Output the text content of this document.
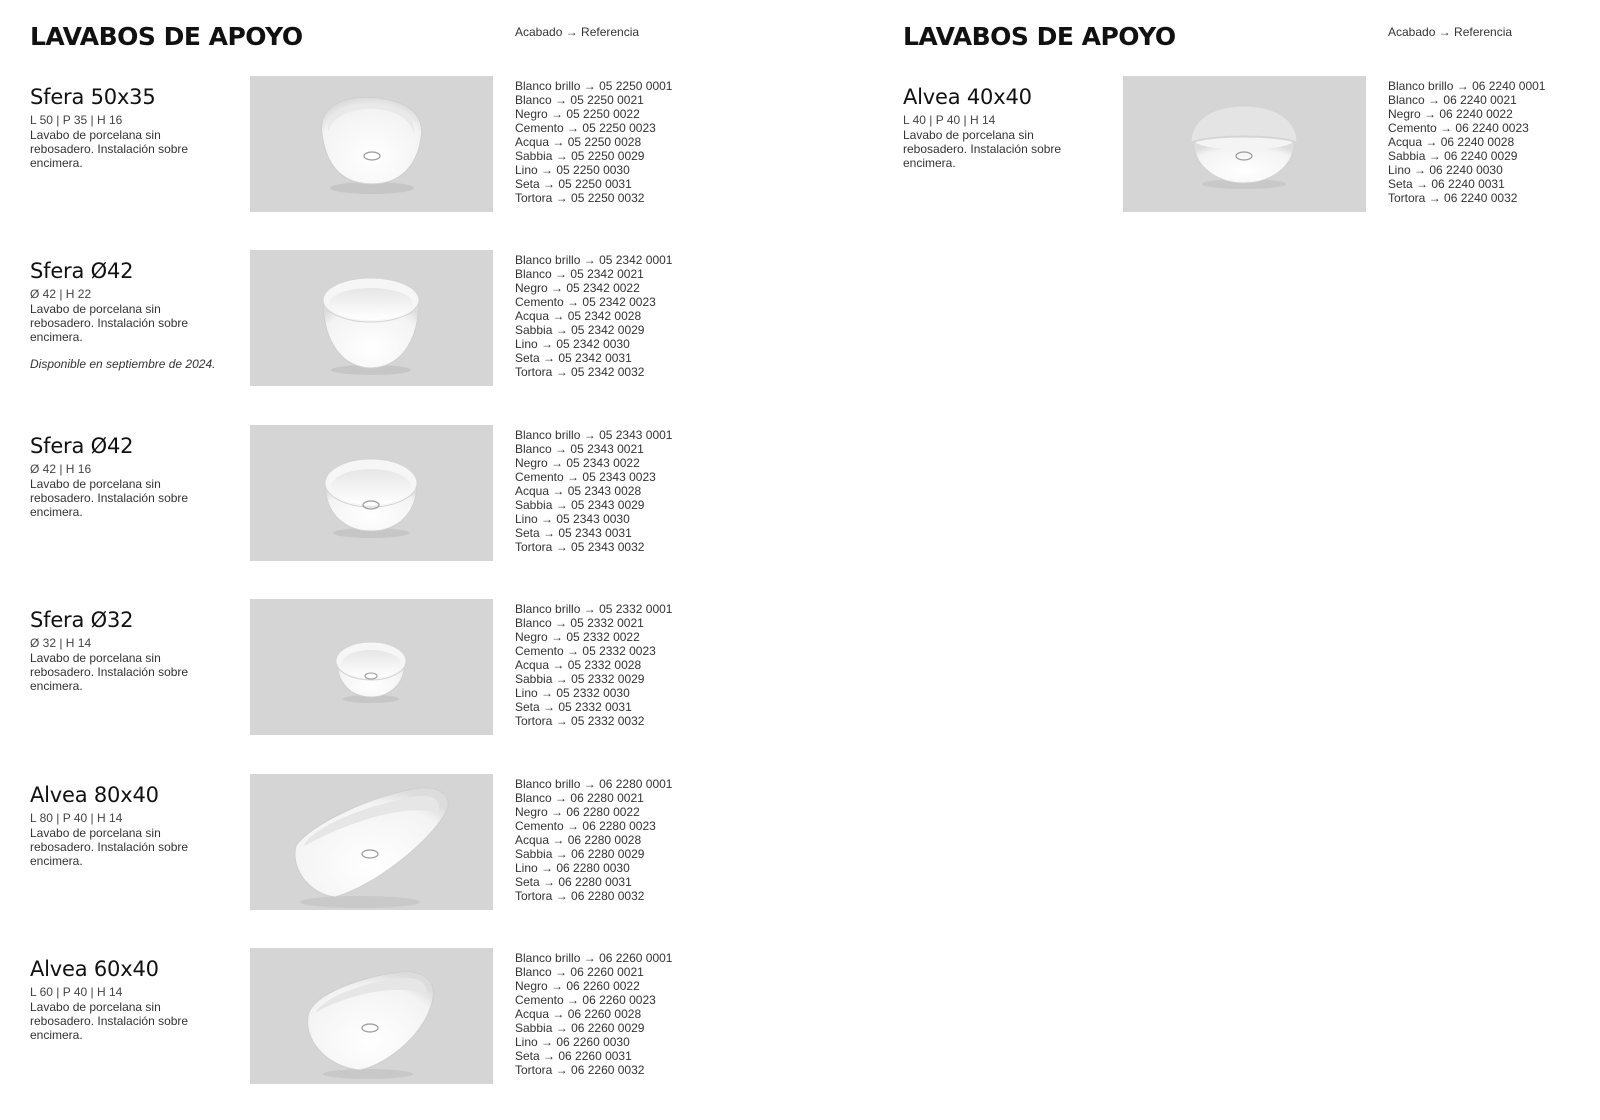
LAVABOS DE APOYO	Acabado → Referencia
Sfera 50x35
L 50 | P 35 | H 16

Lavabo de porcelana sin rebosadero. Instalación sobre encimera.

Blanco brillo → 05 2250 0001
Blanco → 05 2250 0021
Negro → 05 2250 0022
Cemento → 05 2250 0023
Acqua → 05 2250 0028
Sabbia → 05 2250 0029
Lino → 05 2250 0030
Seta → 05 2250 0031
Tortora → 05 2250 0032
Sfera Ø42
Ø 42 | H 22

Lavabo de porcelana sin rebosadero. Instalación sobre encimera.

Disponible en septiembre de 2024.
Blanco brillo → 05 2342 0001
Blanco → 05 2342 0021
Negro → 05 2342 0022
Cemento → 05 2342 0023
Acqua → 05 2342 0028
Sabbia → 05 2342 0029
Lino → 05 2342 0030
Seta → 05 2342 0031
Tortora → 05 2342 0032
Sfera Ø42
Ø 42 | H 16

Lavabo de porcelana sin rebosadero. Instalación sobre encimera.

Blanco brillo → 05 2343 0001
Blanco → 05 2343 0021
Negro → 05 2343 0022
Cemento → 05 2343 0023
Acqua → 05 2343 0028
Sabbia → 05 2343 0029
Lino → 05 2343 0030
Seta → 05 2343 0031
Tortora → 05 2343 0032
Sfera Ø32
Ø 32 | H 14

Lavabo de porcelana sin rebosadero. Instalación sobre encimera.

Blanco brillo → 05 2332 0001
Blanco → 05 2332 0021
Negro → 05 2332 0022
Cemento → 05 2332 0023
Acqua → 05 2332 0028
Sabbia → 05 2332 0029
Lino → 05 2332 0030
Seta → 05 2332 0031
Tortora → 05 2332 0032
Alvea 80x40
L 80 | P 40 | H 14

Lavabo de porcelana sin rebosadero. Instalación sobre encimera.

Blanco brillo → 06 2280 0001
Blanco → 06 2280 0021
Negro → 06 2280 0022
Cemento → 06 2280 0023
Acqua → 06 2280 0028
Sabbia → 06 2280 0029
Lino → 06 2280 0030
Seta → 06 2280 0031
Tortora → 06 2280 0032
Alvea 60x40
L 60 | P 40 | H 14

Lavabo de porcelana sin rebosadero. Instalación sobre encimera.

Blanco brillo → 06 2260 0001
Blanco → 06 2260 0021
Negro → 06 2260 0022
Cemento → 06 2260 0023
Acqua → 06 2260 0028
Sabbia → 06 2260 0029
Lino → 06 2260 0030
Seta → 06 2260 0031
Tortora → 06 2260 0032
LAVABOS DE APOYO	Acabado → Referencia
Alvea 40x40
L 40 | P 40 | H 14

Lavabo de porcelana sin rebosadero. Instalación sobre encimera.

Blanco brillo → 06 2240 0001
Blanco → 06 2240 0021
Negro → 06 2240 0022
Cemento → 06 2240 0023
Acqua → 06 2240 0028
Sabbia → 06 2240 0029
Lino → 06 2240 0030
Seta → 06 2240 0031
Tortora → 06 2240 0032
